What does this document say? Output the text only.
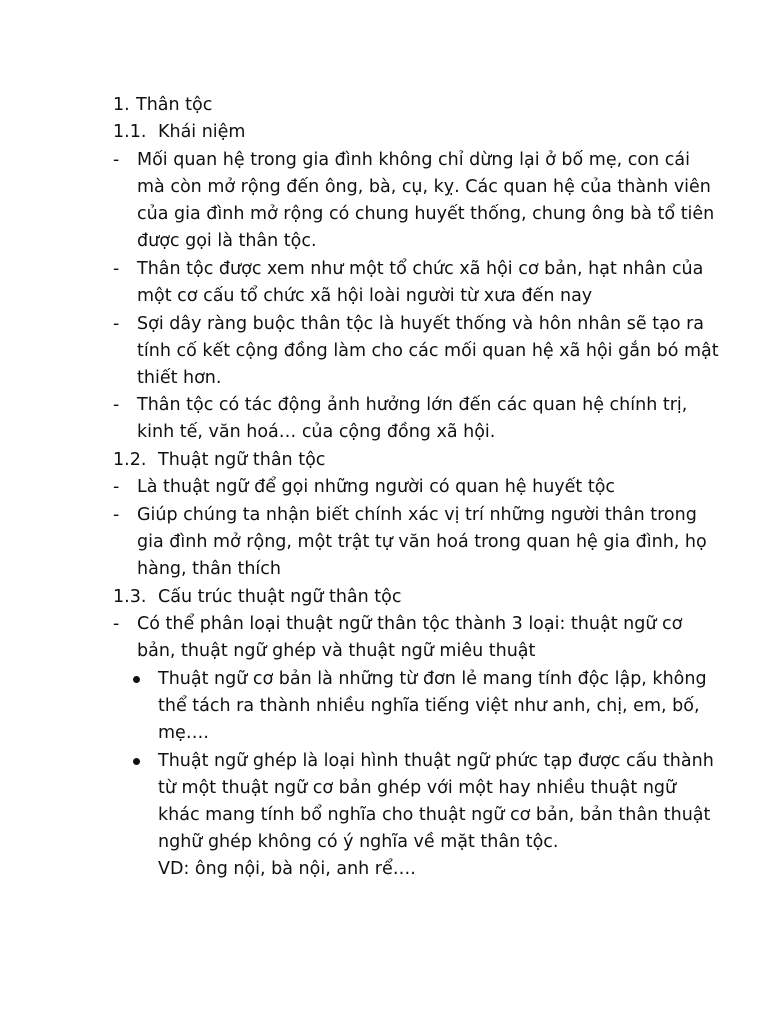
1. Thân tộc
1.1. Khái niệm
- Mối quan hệ trong gia đình không chỉ dừng lại ở bố mẹ, con cái
mà còn mở rộng đến ông, bà, cụ, kỵ. Các quan hệ của thành viên
của gia đình mở rộng có chung huyết thống, chung ông bà tổ tiên
được gọi là thân tộc.
- Thân tộc được xem như một tổ chức xã hội cơ bản, hạt nhân của
một cơ cấu tổ chức xã hội loài người từ xưa đến nay
- Sợi dây ràng buộc thân tộc là huyết thống và hôn nhân sẽ tạo ra
tính cố kết cộng đồng làm cho các mối quan hệ xã hội gắn bó mật
thiết hơn.
- Thân tộc có tác động ảnh hưởng lớn đến các quan hệ chính trị,
kinh tế, văn hoá… của cộng đồng xã hội.
1.2. Thuật ngữ thân tộc
- Là thuật ngữ để gọi những người có quan hệ huyết tộc
- Giúp chúng ta nhận biết chính xác vị trí những người thân trong
gia đình mở rộng, một trật tự văn hoá trong quan hệ gia đình, họ
hàng, thân thích
1.3. Cấu trúc thuật ngữ thân tộc
- Có thể phân loại thuật ngữ thân tộc thành 3 loại: thuật ngữ cơ
bản, thuật ngữ ghép và thuật ngữ miêu thuật
Thuật ngữ cơ bản là những từ đơn lẻ mang tính độc lập, không
thể tách ra thành nhiều nghĩa tiếng việt như anh, chị, em, bố,
mẹ….
Thuật ngữ ghép là loại hình thuật ngữ phức tạp được cấu thành
từ một thuật ngữ cơ bản ghép với một hay nhiều thuật ngữ
khác mang tính bổ nghĩa cho thuật ngữ cơ bản, bản thân thuật
nghữ ghép không có ý nghĩa về mặt thân tộc.
VD: ông nội, bà nội, anh rể….
